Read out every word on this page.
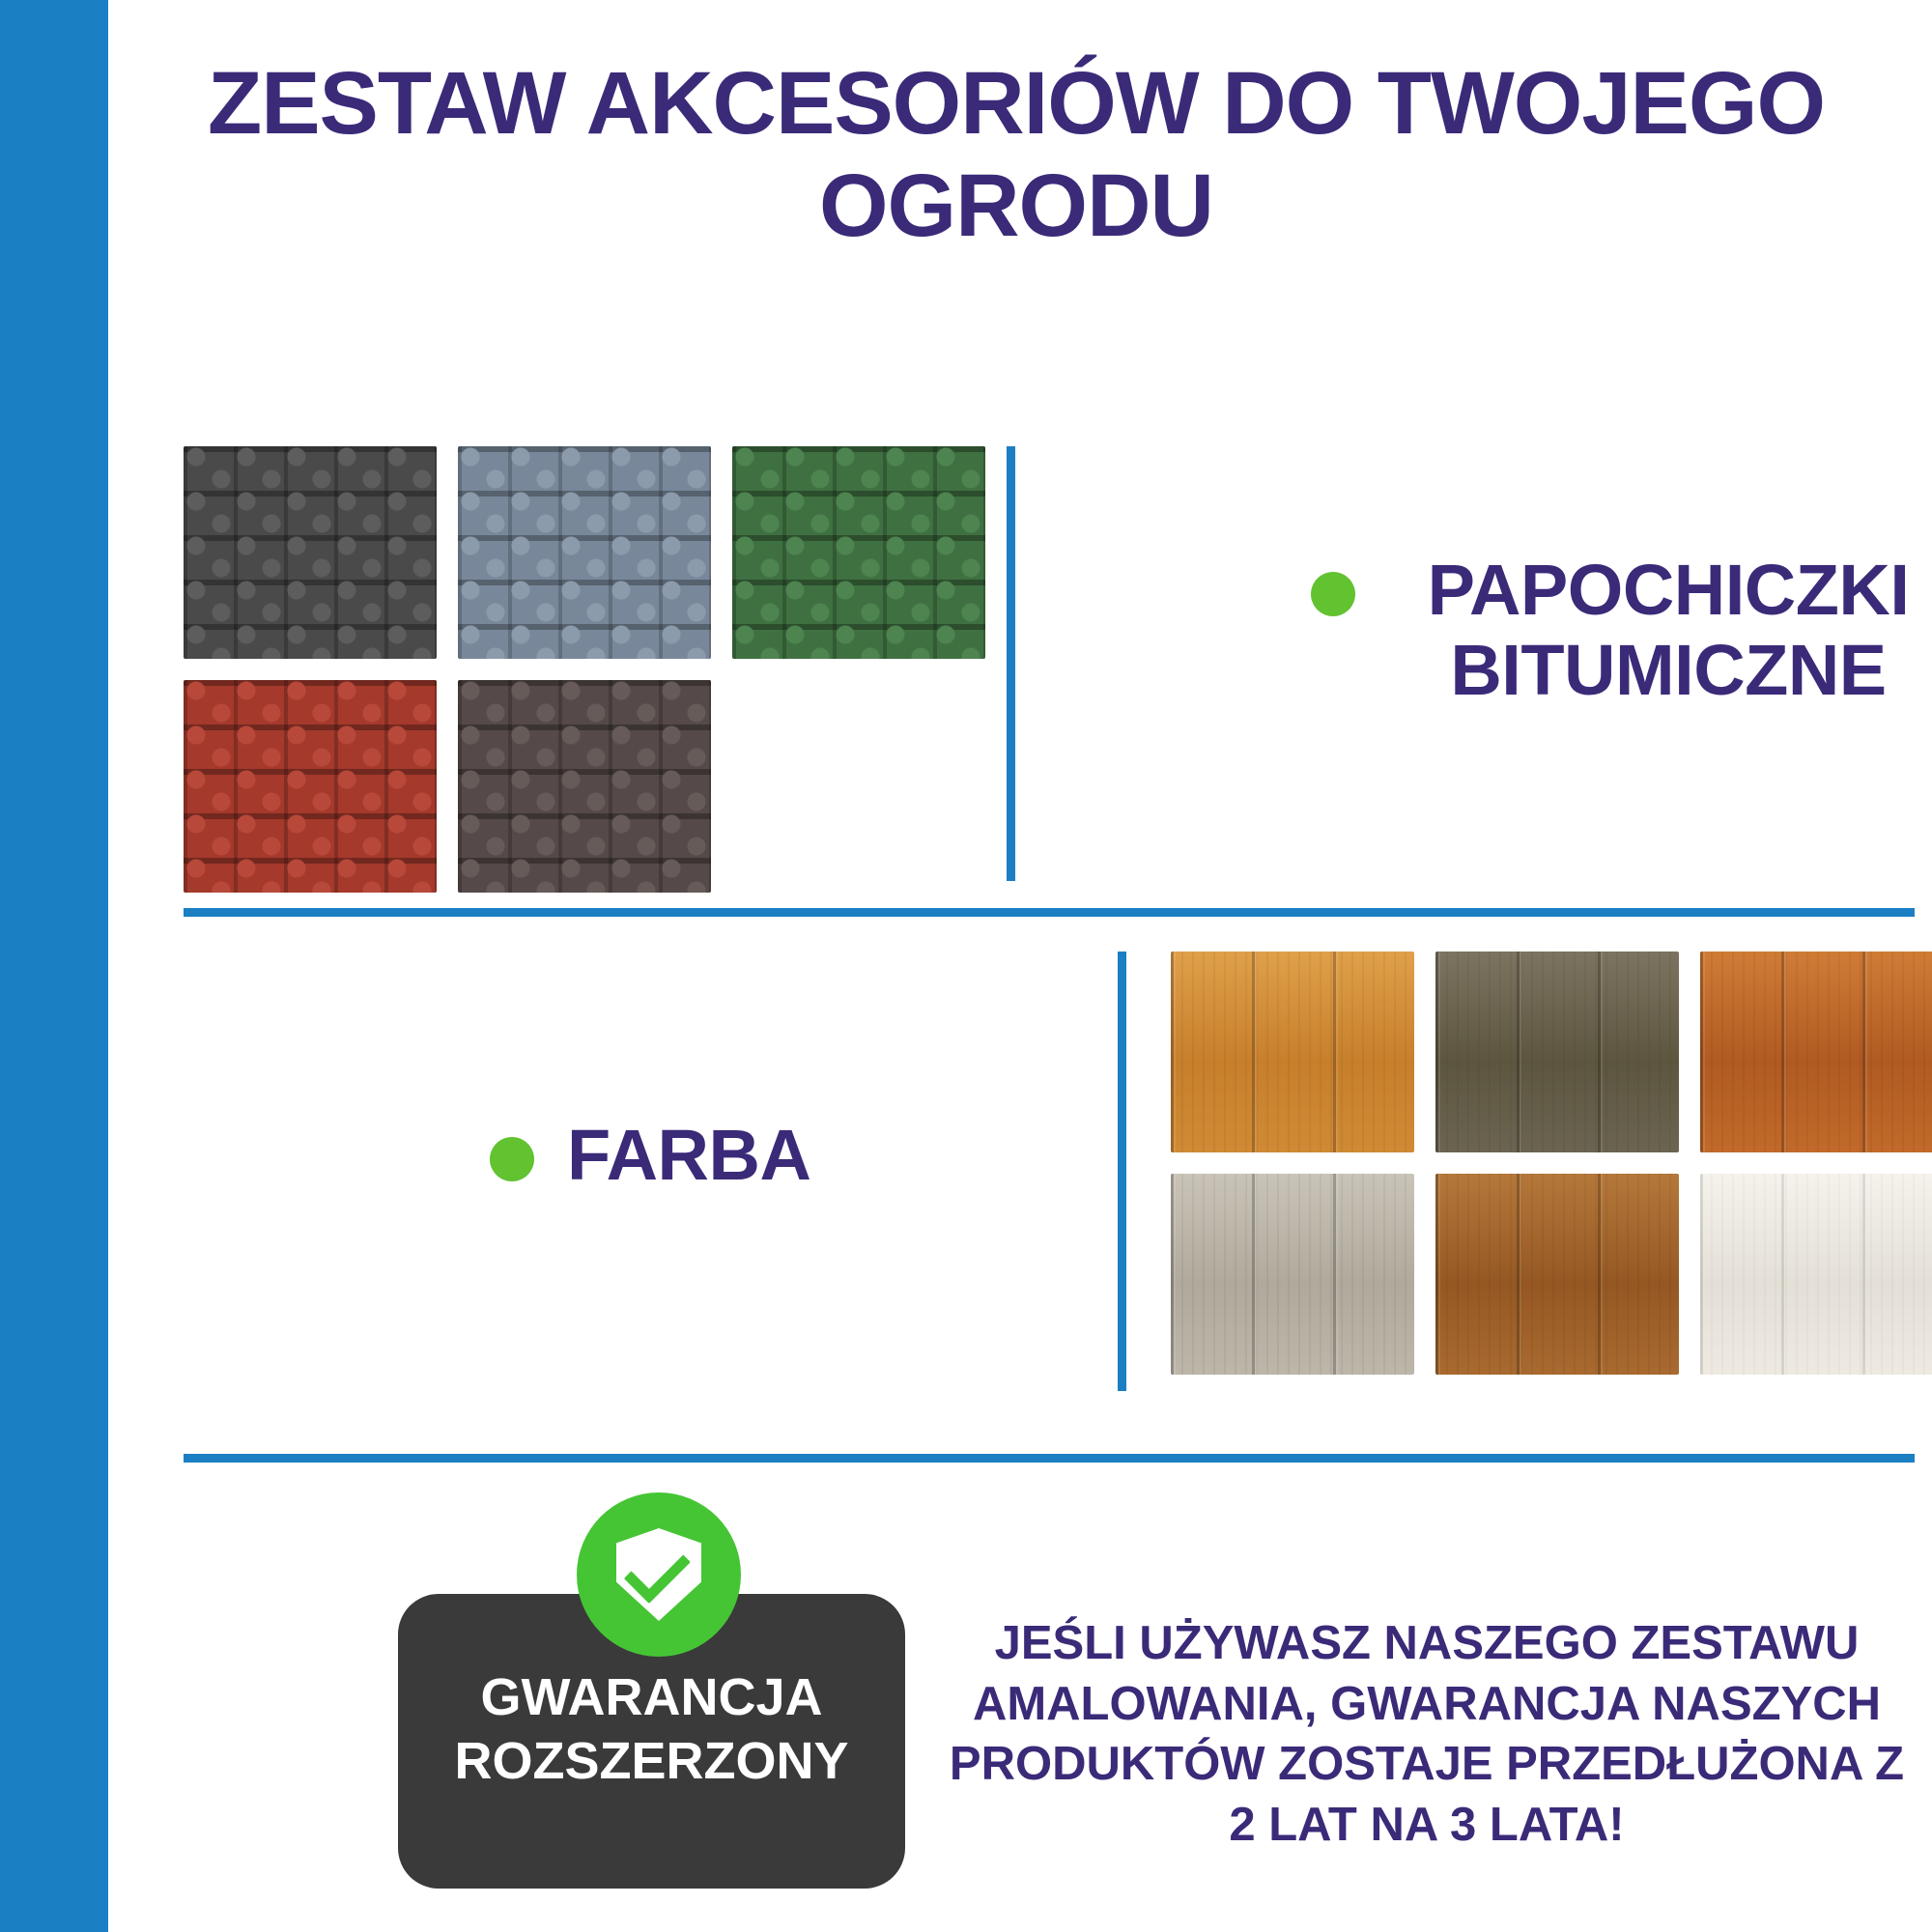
ZESTAW AKCESORIÓW DO TWOJEGO OGRODU
PAPOCHICZKI BITUMICZNE
FARBA
GWARANCJA
ROZSZERZONY
JEŚLI UŻYWASZ NASZEGO ZESTAWU AMALOWANIA, GWARANCJA NASZYCH PRODUKTÓW ZOSTAJE PRZEDŁUŻONA Z 2 LAT NA 3 LATA!
